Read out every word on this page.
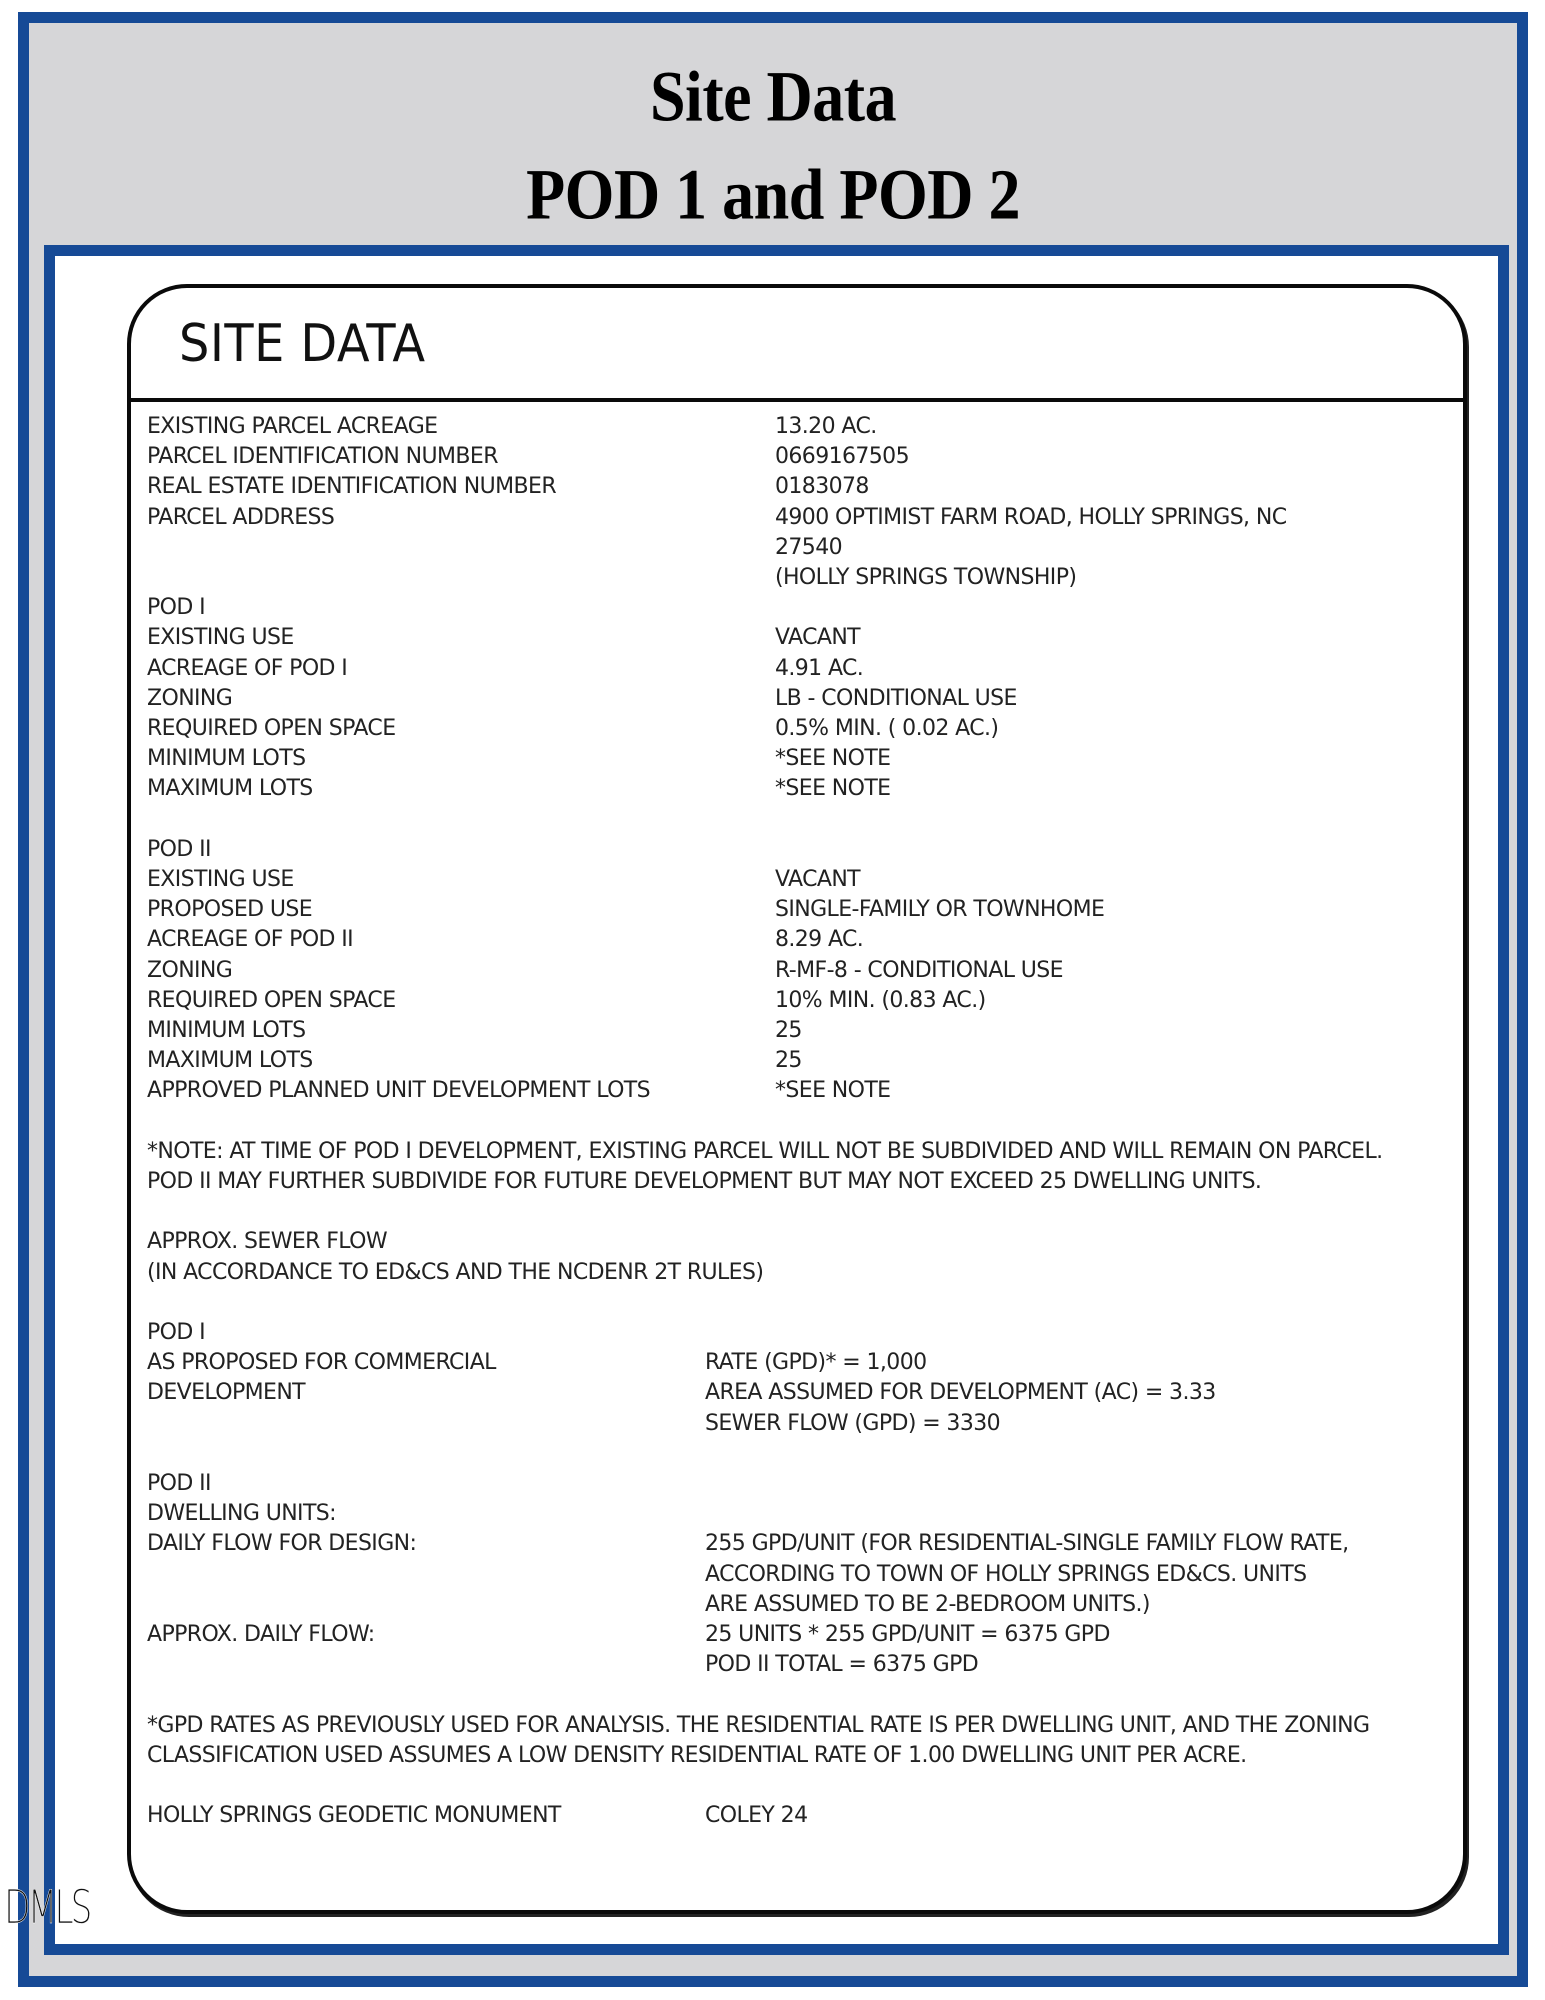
Site Data
POD 1 and POD 2
SITE DATA
EXISTING PARCEL ACREAGE	13.20 AC.
PARCEL IDENTIFICATION NUMBER	0669167505
REAL ESTATE IDENTIFICATION NUMBER	0183078
PARCEL ADDRESS	4900 OPTIMIST FARM ROAD, HOLLY SPRINGS, NC
27540
(HOLLY SPRINGS TOWNSHIP)
POD I
EXISTING USE	VACANT
ACREAGE OF POD I	4.91 AC.
ZONING	LB - CONDITIONAL USE
REQUIRED OPEN SPACE	0.5% MIN. ( 0.02 AC.)
MINIMUM LOTS	*SEE NOTE
MAXIMUM LOTS	*SEE NOTE
POD II
EXISTING USE	VACANT
PROPOSED USE	SINGLE-FAMILY OR TOWNHOME
ACREAGE OF POD II	8.29 AC.
ZONING	R-MF-8 - CONDITIONAL USE
REQUIRED OPEN SPACE	10% MIN. (0.83 AC.)
MINIMUM LOTS	25
MAXIMUM LOTS	25
APPROVED PLANNED UNIT DEVELOPMENT LOTS	*SEE NOTE
*NOTE: AT TIME OF POD I DEVELOPMENT, EXISTING PARCEL WILL NOT BE SUBDIVIDED AND WILL REMAIN ON PARCEL. POD II MAY FURTHER SUBDIVIDE FOR FUTURE DEVELOPMENT BUT MAY NOT EXCEED 25 DWELLING UNITS.
APPROX. SEWER FLOW
(IN ACCORDANCE TO ED&CS AND THE NCDENR 2T RULES)
POD I
AS PROPOSED FOR COMMERCIAL	RATE (GPD)* = 1,000
DEVELOPMENT	AREA ASSUMED FOR DEVELOPMENT (AC) = 3.33
SEWER FLOW (GPD) = 3330
POD II
DWELLING UNITS:
DAILY FLOW FOR DESIGN:	255 GPD/UNIT (FOR RESIDENTIAL-SINGLE FAMILY FLOW RATE,
ACCORDING TO TOWN OF HOLLY SPRINGS ED&CS. UNITS
ARE ASSUMED TO BE 2-BEDROOM UNITS.)
APPROX. DAILY FLOW:	25 UNITS * 255 GPD/UNIT = 6375 GPD
POD II TOTAL = 6375 GPD
*GPD RATES AS PREVIOUSLY USED FOR ANALYSIS. THE RESIDENTIAL RATE IS PER DWELLING UNIT, AND THE ZONING CLASSIFICATION USED ASSUMES A LOW DENSITY RESIDENTIAL RATE OF 1.00 DWELLING UNIT PER ACRE.
HOLLY SPRINGS GEODETIC MONUMENT	COLEY 24
DMLS
